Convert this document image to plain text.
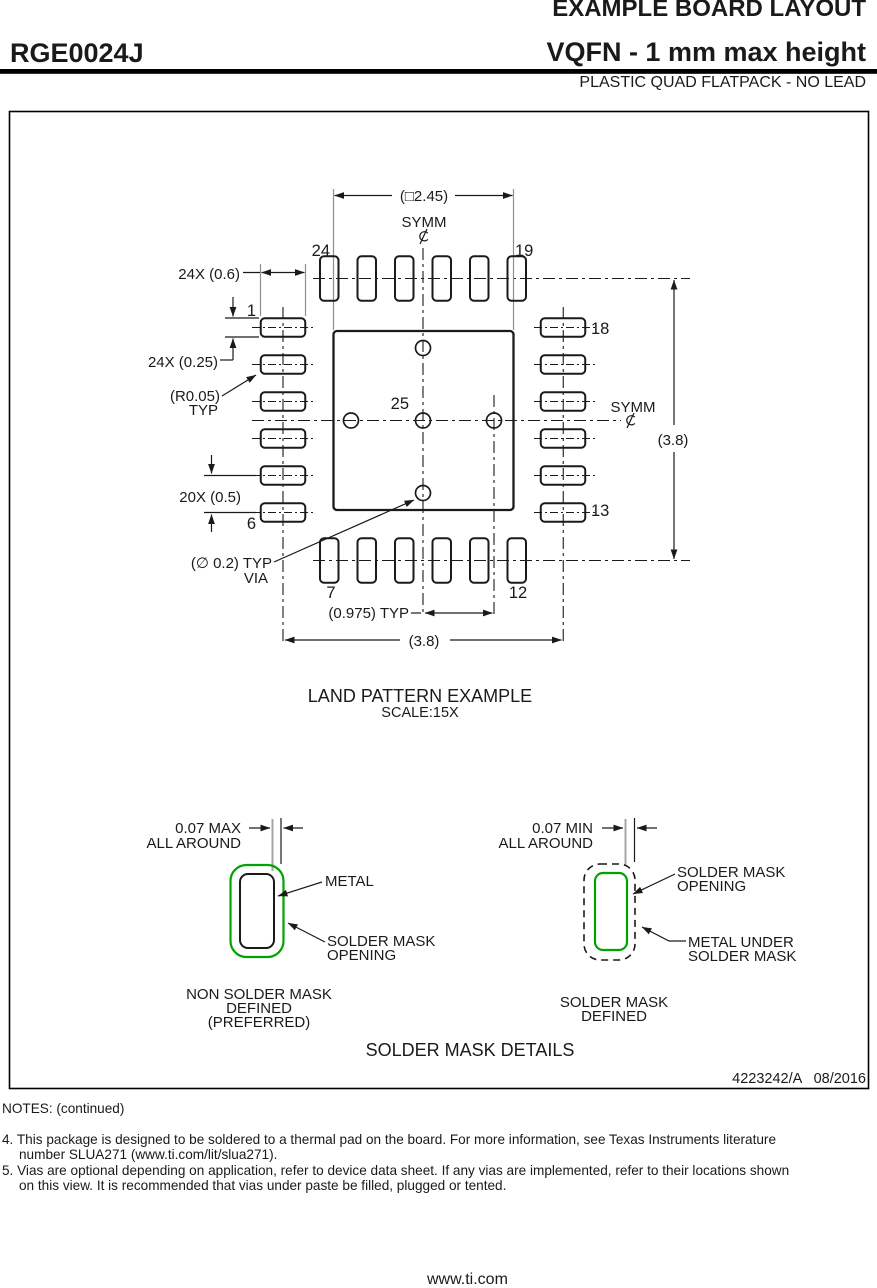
EXAMPLE BOARD LAYOUT
RGE0024J	VQFN - 1 mm max height
PLASTIC QUAD FLATPACK - NO LEAD
(□2.45)
SYMM
24	19
24X (0.6)
1
24X (0.25)
(R0.05)
TYP
18
25	SYMM
(3.8)
20X (0.5)
6
13
(∅ 0.2) TYP
VIA
7	12
(0.975) TYP
(3.8)
LAND PATTERN EXAMPLE
SCALE:15X
0.07 MAX
ALL AROUND
METAL
SOLDER MASK
OPENING
NON SOLDER MASK
DEFINED
(PREFERRED)
0.07 MIN
ALL AROUND
SOLDER MASK
OPENING
METAL UNDER
SOLDER MASK
SOLDER MASK
DEFINED
SOLDER MASK DETAILS
4223242/A   08/2016
NOTES: (continued)
4. This package is designed to be soldered to a thermal pad on the board. For more information, see Texas Instruments literature
number SLUA271 (www.ti.com/lit/slua271).
5. Vias are optional depending on application, refer to device data sheet. If any vias are implemented, refer to their locations shown
on this view. It is recommended that vias under paste be filled, plugged or tented.
www.ti.com
